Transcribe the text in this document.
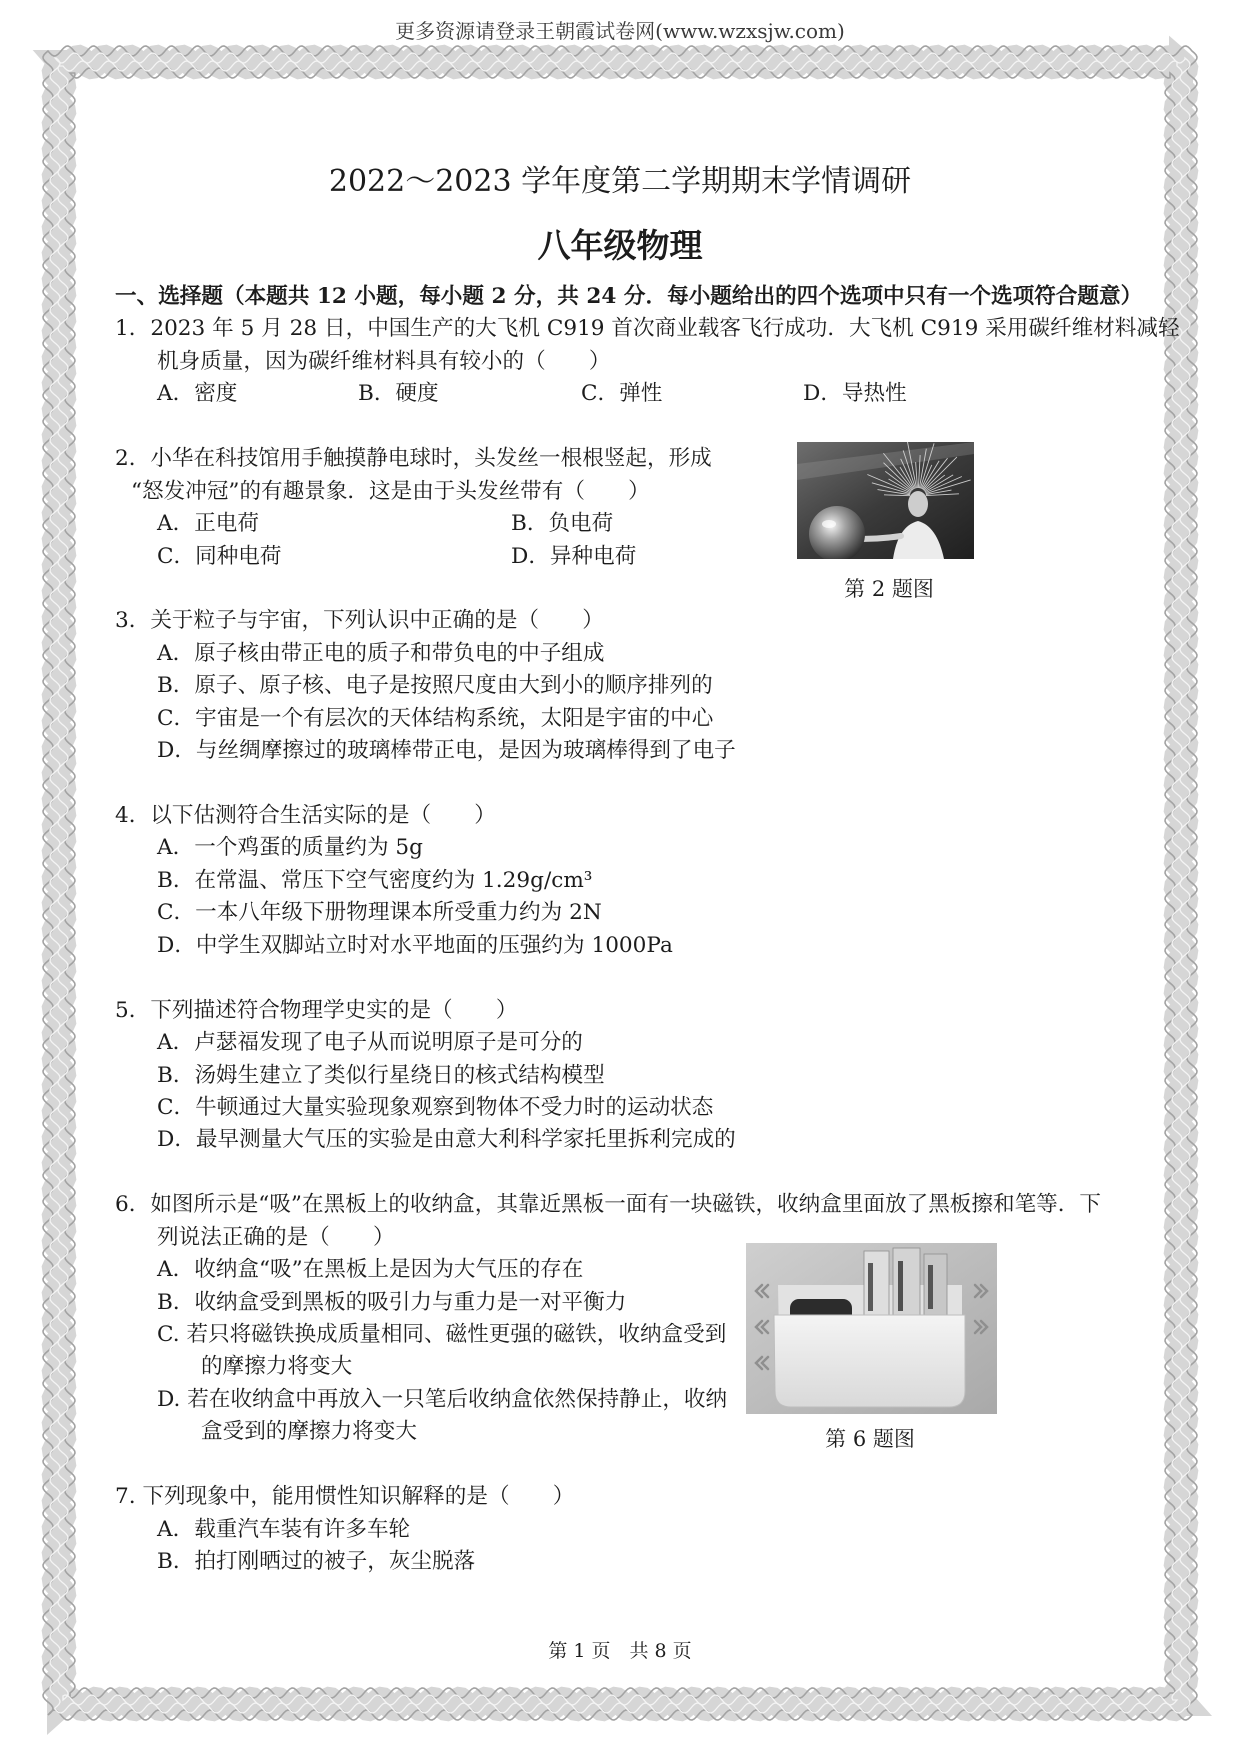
更多资源请登录王朝霞试卷网(www.wzxsjw.com)
2022～2023 学年度第二学期期末学情调研
八年级物理
一、选择题（本题共 12 小题，每小题 2 分，共 24 分．每小题给出的四个选项中只有一个选项符合题意）
1．2023 年 5 月 28 日，中国生产的大飞机 C919 首次商业载客飞行成功．大飞机 C919 采用碳纤维材料减轻
机身质量，因为碳纤维材料具有较小的（　　）
A．密度	B．硬度	C．弹性	D．导热性
2．小华在科技馆用手触摸静电球时，头发丝一根根竖起，形成
“怒发冲冠”的有趣景象．这是由于头发丝带有（　　）
A．正电荷	B．负电荷
C．同种电荷	D．异种电荷
3．关于粒子与宇宙，下列认识中正确的是（　　）
A．原子核由带正电的质子和带负电的中子组成
B．原子、原子核、电子是按照尺度由大到小的顺序排列的
C．宇宙是一个有层次的天体结构系统，太阳是宇宙的中心
D．与丝绸摩擦过的玻璃棒带正电，是因为玻璃棒得到了电子
4．以下估测符合生活实际的是（　　）
A．一个鸡蛋的质量约为 5g
B．在常温、常压下空气密度约为 1.29g/cm³
C．一本八年级下册物理课本所受重力约为 2N
D．中学生双脚站立时对水平地面的压强约为 1000Pa
5．下列描述符合物理学史实的是（　　）
A．卢瑟福发现了电子从而说明原子是可分的
B．汤姆生建立了类似行星绕日的核式结构模型
C．牛顿通过大量实验现象观察到物体不受力时的运动状态
D．最早测量大气压的实验是由意大利科学家托里拆利完成的
6．如图所示是“吸”在黑板上的收纳盒，其靠近黑板一面有一块磁铁，收纳盒里面放了黑板擦和笔等．下
列说法正确的是（　　）
A．收纳盒“吸”在黑板上是因为大气压的存在
B．收纳盒受到黑板的吸引力与重力是一对平衡力
C. 若只将磁铁换成质量相同、磁性更强的磁铁，收纳盒受到
的摩擦力将变大
D. 若在收纳盒中再放入一只笔后收纳盒依然保持静止，收纳
盒受到的摩擦力将变大
7. 下列现象中，能用惯性知识解释的是（　　）
A．载重汽车装有许多车轮
B．拍打刚晒过的被子，灰尘脱落
第 2 题图
第 6 题图
第 1 页　共 8 页
